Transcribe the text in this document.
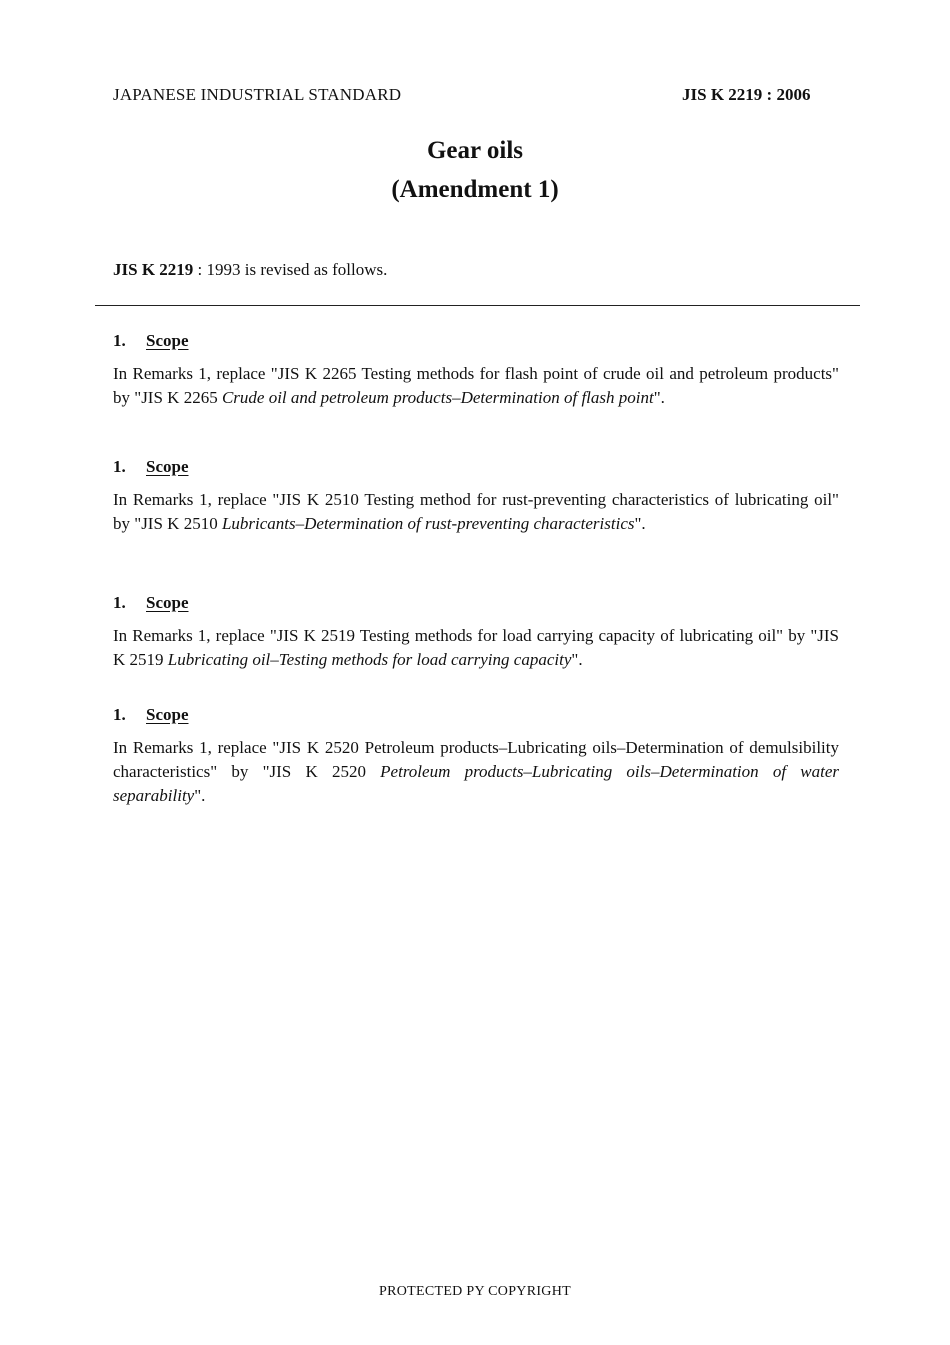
JAPANESE INDUSTRIAL STANDARD	JIS K 2219 : 2006
Gear oils
(Amendment 1)
JIS K 2219 : 1993 is revised as follows.
1. Scope
In Remarks 1, replace "JIS K 2265 Testing methods for flash point of crude oil and petroleum products" by "JIS K 2265 Crude oil and petroleum products–Determination of flash point".
1. Scope
In Remarks 1, replace "JIS K 2510 Testing method for rust-preventing characteristics of lubricating oil" by "JIS K 2510 Lubricants–Determination of rust-preventing characteristics".
1. Scope
In Remarks 1, replace "JIS K 2519 Testing methods for load carrying capacity of lubricating oil" by "JIS K 2519 Lubricating oil–Testing methods for load carrying capacity".
1. Scope
In Remarks 1, replace "JIS K 2520 Petroleum products–Lubricating oils–Determination of demulsibility characteristics" by "JIS K 2520 Petroleum products–Lubricating oils–Determination of water separability".
PROTECTED PY COPYRIGHT
